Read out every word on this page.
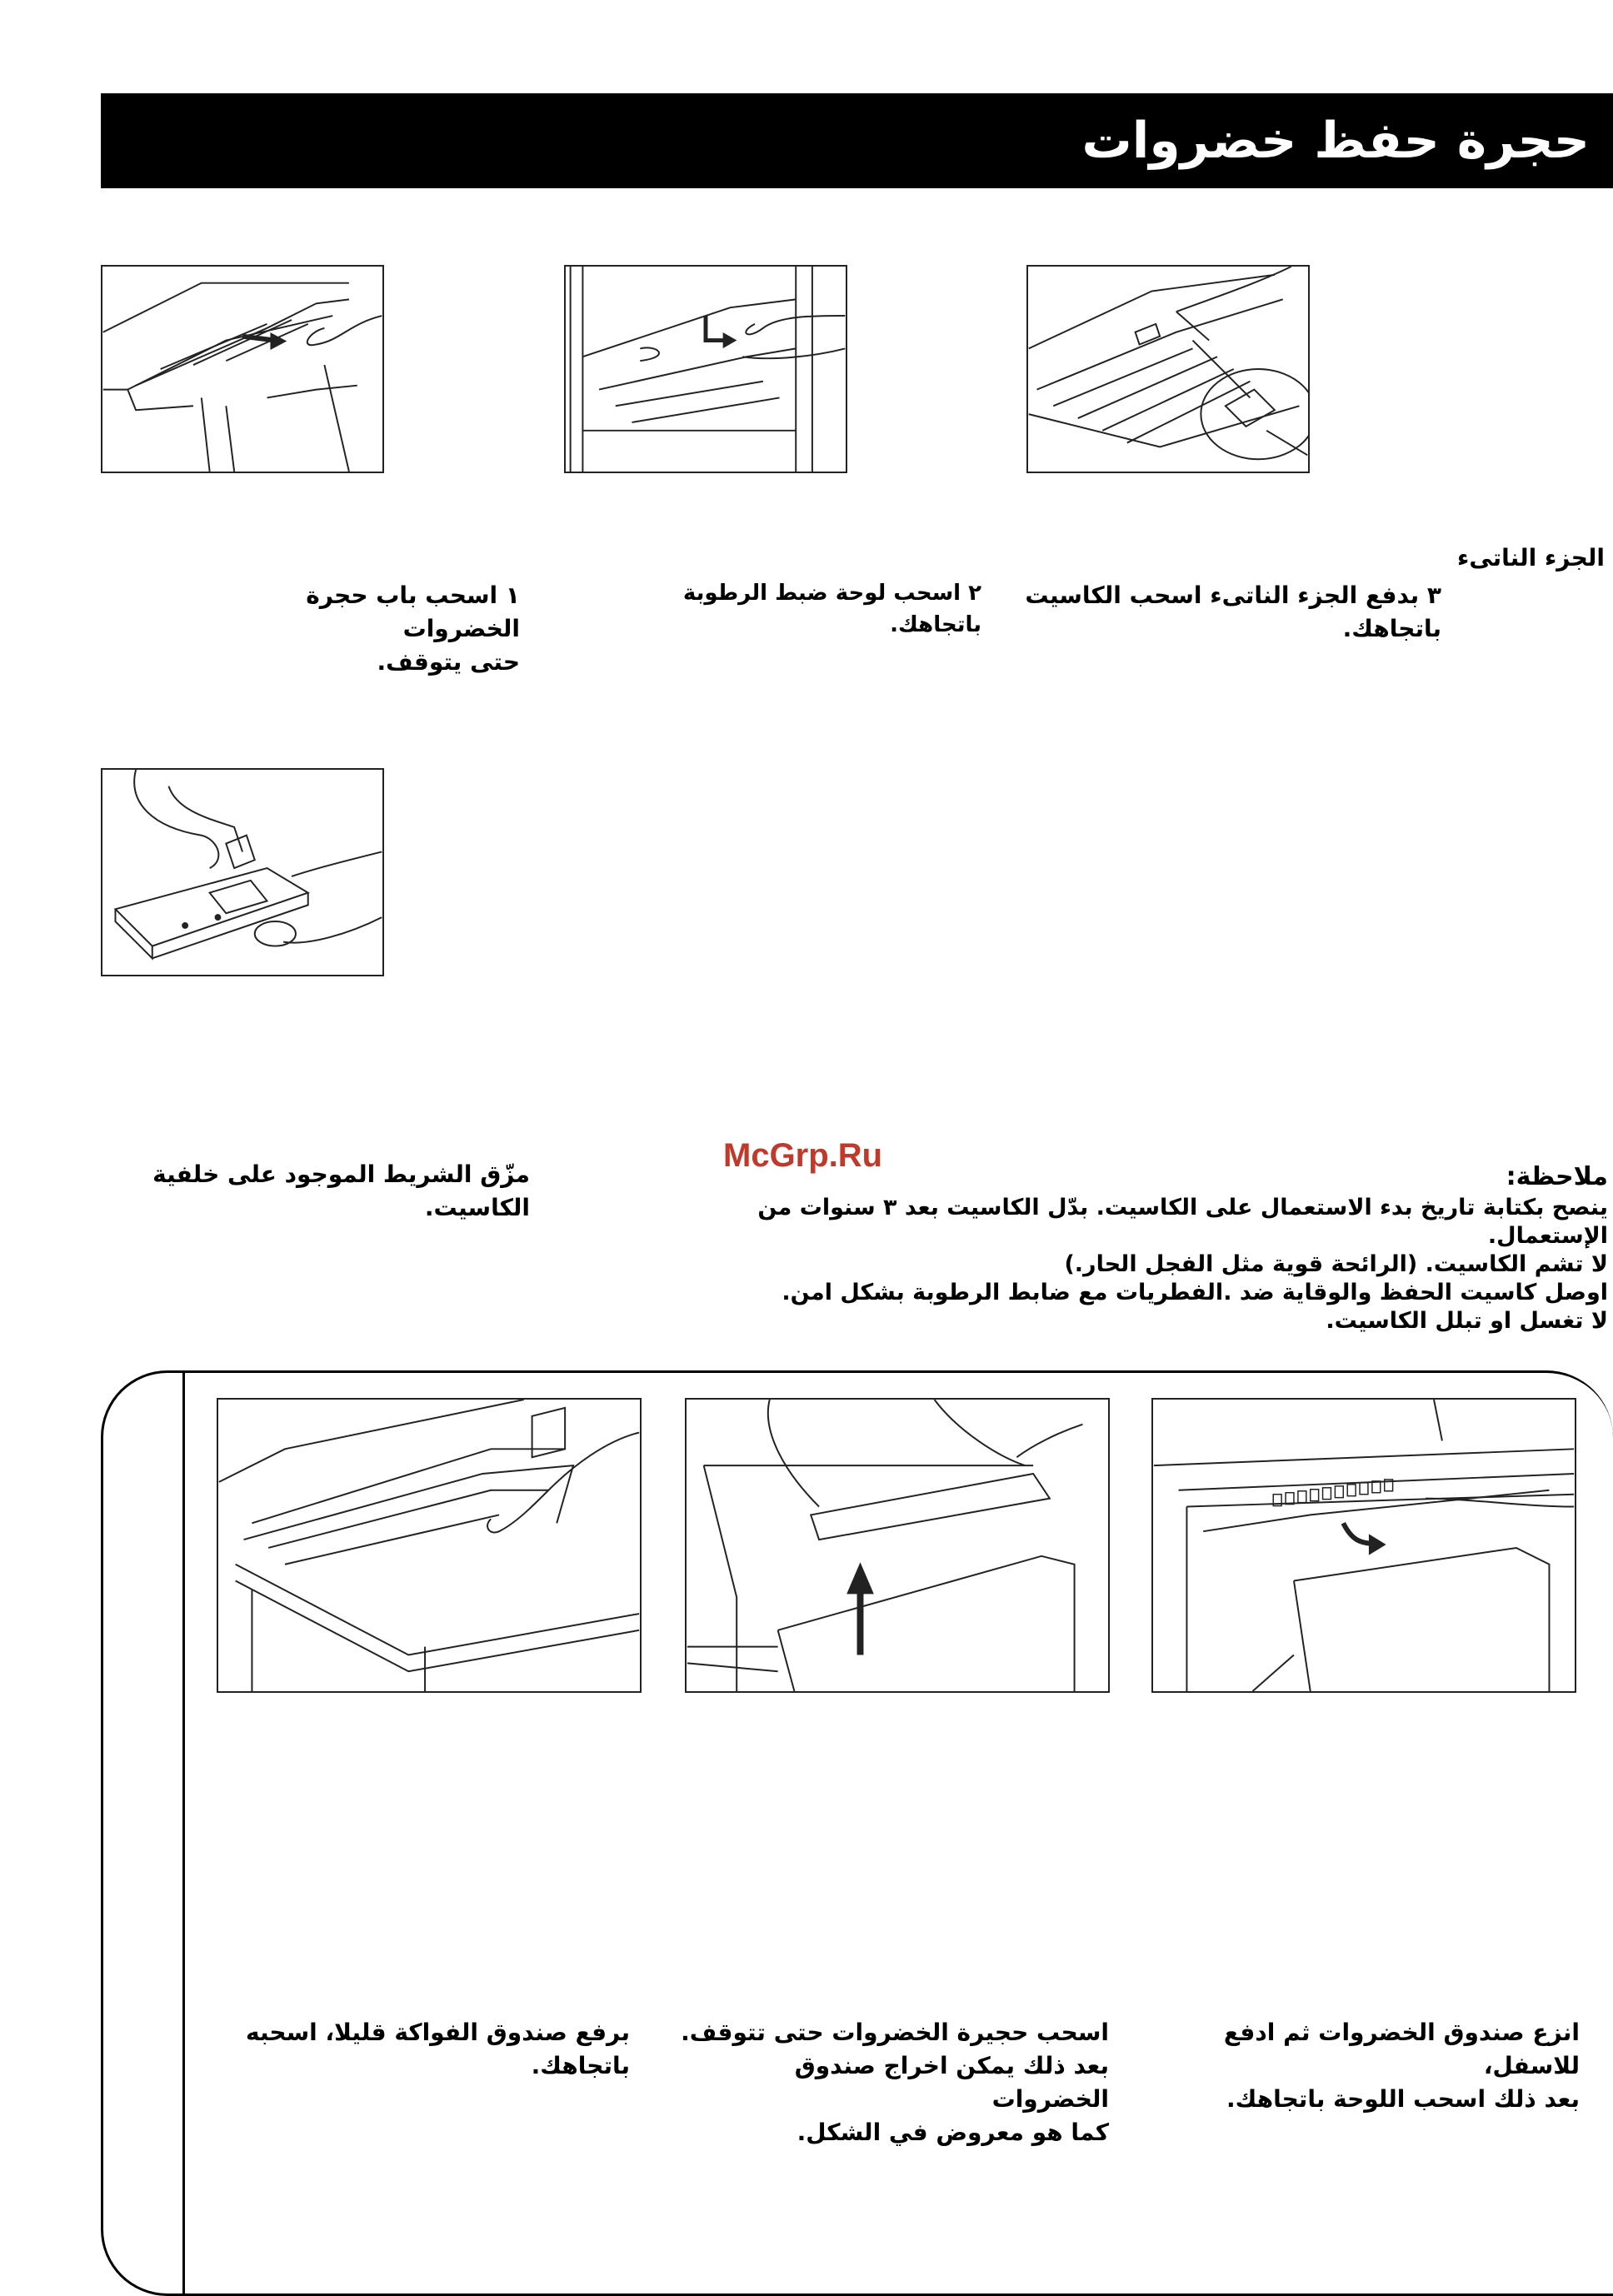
حجرة حفظ خضروات
الجزء الناتىء
١ اسحب باب حجرة الخضروات
حتى يتوقف.
٢ اسحب لوحة ضبط الرطوبة باتجاهك.
٣ بدفع الجزء الناتىء اسحب الكاسيت
باتجاهك.
McGrp.Ru
مزّق الشريط الموجود على خلفية الكاسيت.
ملاحظة:
ينصح بكتابة تاريخ بدء الاستعمال على الكاسيت. بدّل الكاسيت بعد ٣ سنوات من الإستعمال.
لا تشم الكاسيت. (الرائحة قوية مثل الفجل الحار.)
اوصل كاسيت الحفظ والوقاية ضد .الفطريات مع ضابط الرطوبة بشكل امن.
لا تغسل او تبلل الكاسيت.
برفع صندوق الفواكة قليلا، اسحبه
باتجاهك.
اسحب حجيرة الخضروات حتى تتوقف.
بعد ذلك يمكن اخراج صندوق الخضروات
كما هو معروض في الشكل.
انزع صندوق الخضروات ثم ادفع للاسفل،
بعد ذلك اسحب اللوحة باتجاهك.
